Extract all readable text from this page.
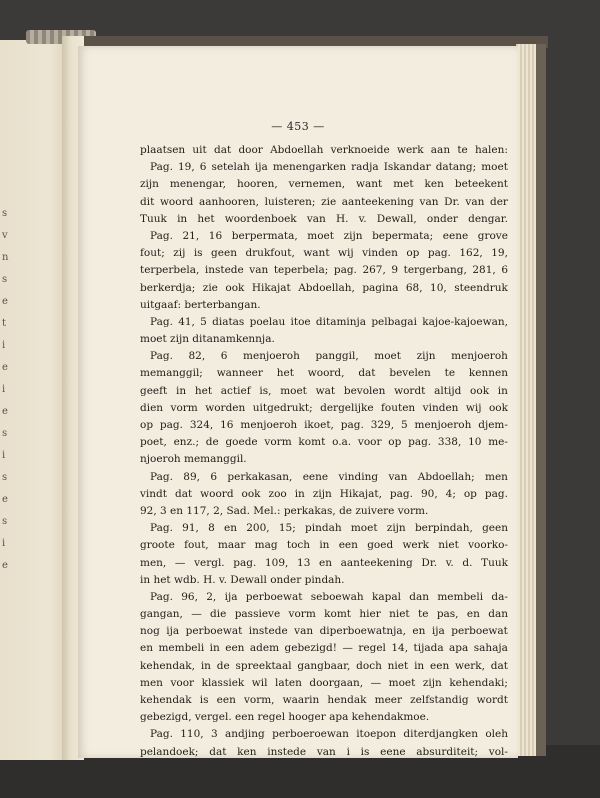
s
v
n
s
e
t
i
e
i
e
s
i
s
e
s
i
e
— 453 —
plaatsen uit dat door Abdoellah verknoeide werk aan te halen:
Pag. 19, 6 setelah ija menengarken radja Iskandar datang; moet
zijn menengar, hooren, vernemen, want met ken beteekent
dit woord aanhooren, luisteren; zie aanteekening van Dr. van der
Tuuk in het woordenboek van H. v. Dewall, onder dengar.
Pag. 21, 16 berpermata, moet zijn bepermata; eene grove
fout; zij is geen drukfout, want wij vinden op pag. 162, 19,
terperbela, instede van teperbela; pag. 267, 9 tergerbang, 281, 6
berkerdja; zie ook Hikajat Abdoellah, pagina 68, 10, steendruk
uitgaaf: berterbangan.
Pag. 41, 5 diatas poelau itoe ditaminja pelbagai kajoe-kajoewan,
moet zijn ditanamkennja.
Pag. 82, 6 menjoeroh panggil, moet zijn menjoeroh
memanggil; wanneer het woord, dat bevelen te kennen
geeft in het actief is, moet wat bevolen wordt altijd ook in
dien vorm worden uitgedrukt; dergelijke fouten vinden wij ook
op pag. 324, 16 menjoeroh ikoet, pag. 329, 5 menjoeroh djem-
poet, enz.; de goede vorm komt o.a. voor op pag. 338, 10 me-
njoeroh memanggil.
Pag. 89, 6 perkakasan, eene vinding van Abdoellah; men
vindt dat woord ook zoo in zijn Hikajat, pag. 90, 4; op pag.
92, 3 en 117, 2, Sad. Mel.: perkakas, de zuivere vorm.
Pag. 91, 8 en 200, 15; pindah moet zijn berpindah, geen
groote fout, maar mag toch in een goed werk niet voorko-
men, — vergl. pag. 109, 13 en aanteekening Dr. v. d. Tuuk
in het wdb. H. v. Dewall onder pindah.
Pag. 96, 2, ija perboewat seboewah kapal dan membeli da-
gangan, — die passieve vorm komt hier niet te pas, en dan
nog ija perboewat instede van diperboewatnja, en ija perboewat
en membeli in een adem gebezigd! — regel 14, tijada apa sahaja
kehendak, in de spreektaal gangbaar, doch niet in een werk, dat
men voor klassiek wil laten doorgaan, — moet zijn kehendaki;
kehendak is een vorm, waarin hendak meer zelfstandig wordt
gebezigd, vergel. een regel hooger apa kehendakmoe.
Pag. 110, 3 andjing perboeroewan itoepon diterdjangken oleh
pelandoek; dat ken instede van i is eene absurditeit; vol-
